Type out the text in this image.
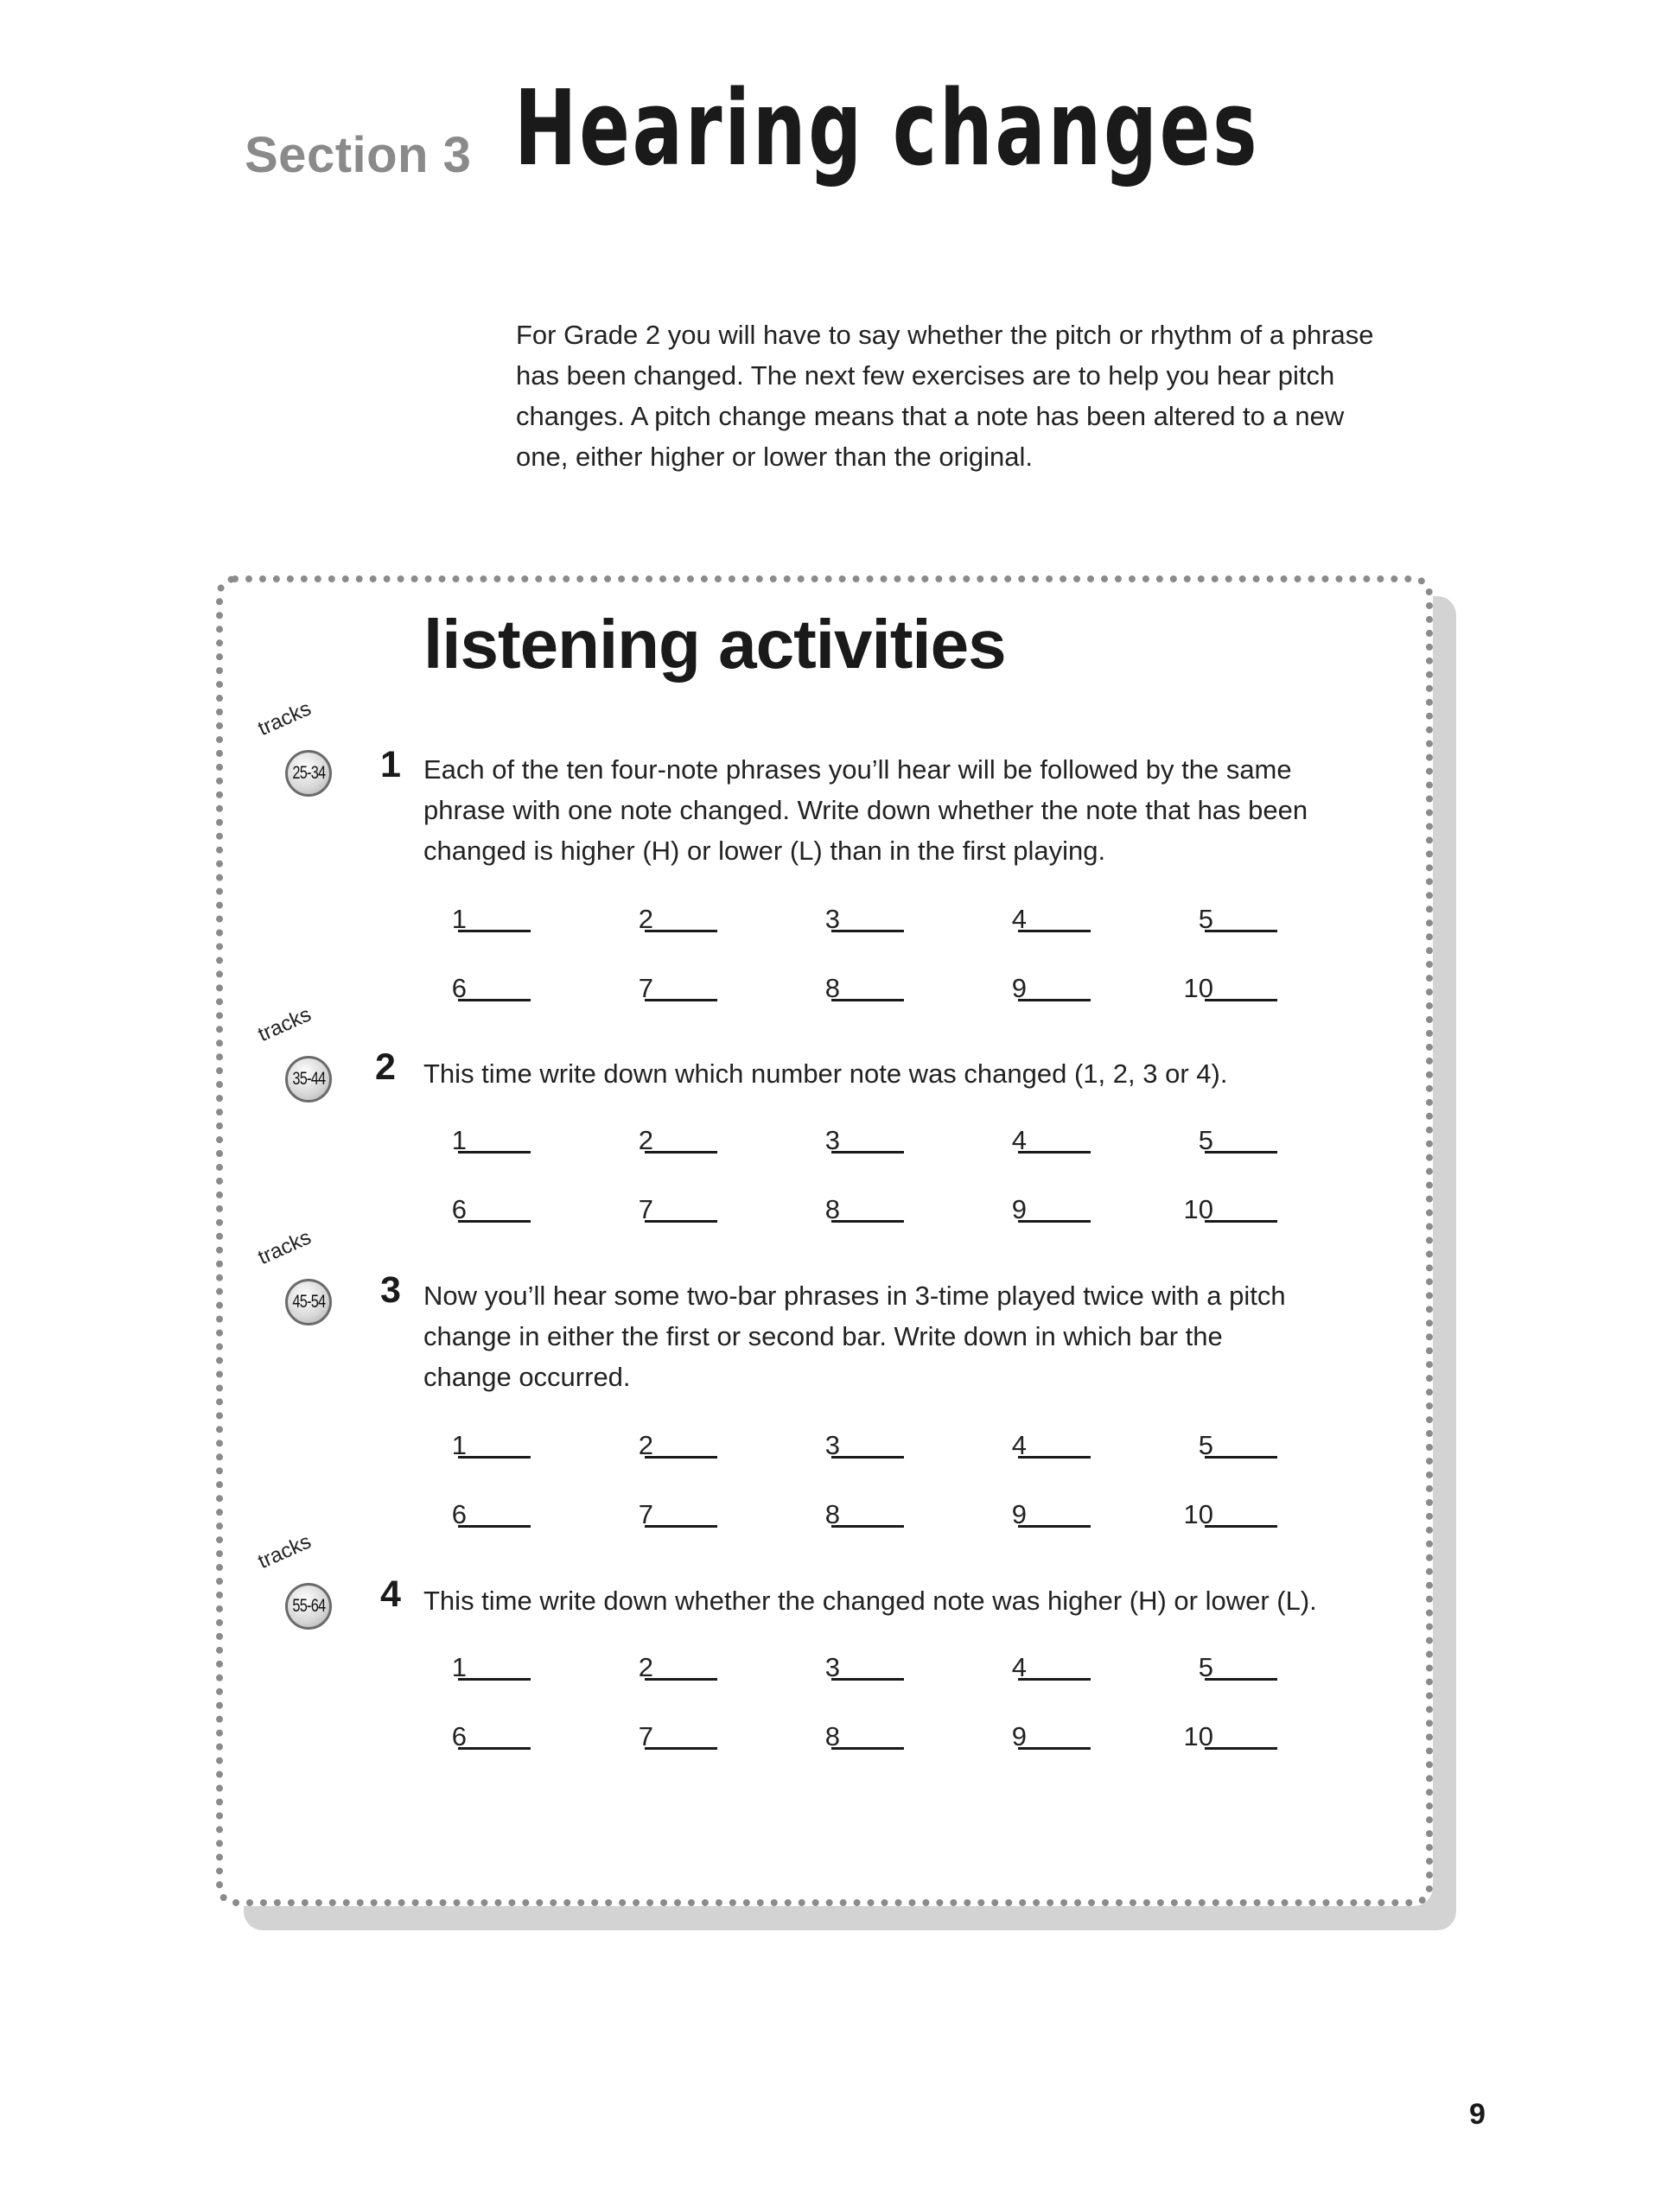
Section 3 Hearing changes

For Grade 2 you will have to say whether the pitch or rhythm of a phrase

has been changed. The next few exercises are to help you hear pitch

changes. A pitch change means that a note has been altered to a new

one, either higher or lower than the original.

listening activities
tracks
25-34 1 Each of the ten four-note phrases you’ll hear will be followed by the same

phrase with one note changed. Write down whether the note that has been

changed is higher (H) or lower (L) than in the first playing.

1	2	3	4	5
6	7	8	9	10
tracks
35-44 2 This time write down which number note was changed (1, 2, 3 or 4).

1	2	3	4	5
6	7	8	9	10
tracks
45-54 3 Now you’ll hear some two-bar phrases in 3-time played twice with a pitch

change in either the first or second bar. Write down in which bar the

change occurred.

1	2	3	4	5
6	7	8	9	10
tracks
55-64 4 This time write down whether the changed note was higher (H) or lower (L).

1	2	3	4	5
6	7	8	9	10
9
